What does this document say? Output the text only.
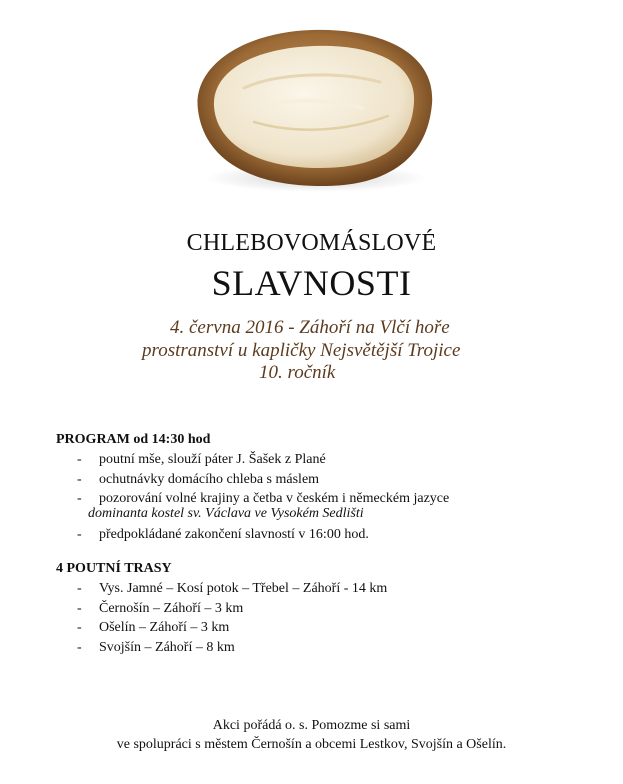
CHLEBOVOMÁSLOVÉ
SLAVNOSTI
4. června 2016 - Záhoří na Vlčí hoře
prostranství u kapličky Nejsvětější Trojice
10. ročník
PROGRAM od 14:30 hod
- poutní mše, slouží páter J. Šašek z Plané
- ochutnávky domácího chleba s máslem
- pozorování volné krajiny a četba v českém i německém jazyce
dominanta kostel sv. Václava ve Vysokém Sedlišti
- předpokládané zakončení slavností v 16:00 hod.
4 POUTNÍ TRASY
- Vys. Jamné – Kosí potok – Třebel – Záhoří - 14 km
- Černošín – Záhoří – 3 km
- Ošelín – Záhoří – 3 km
- Svojšín – Záhoří – 8 km
Akci pořádá o. s. Pomozme si sami
ve spolupráci s městem Černošín a obcemi Lestkov, Svojšín a Ošelín.
